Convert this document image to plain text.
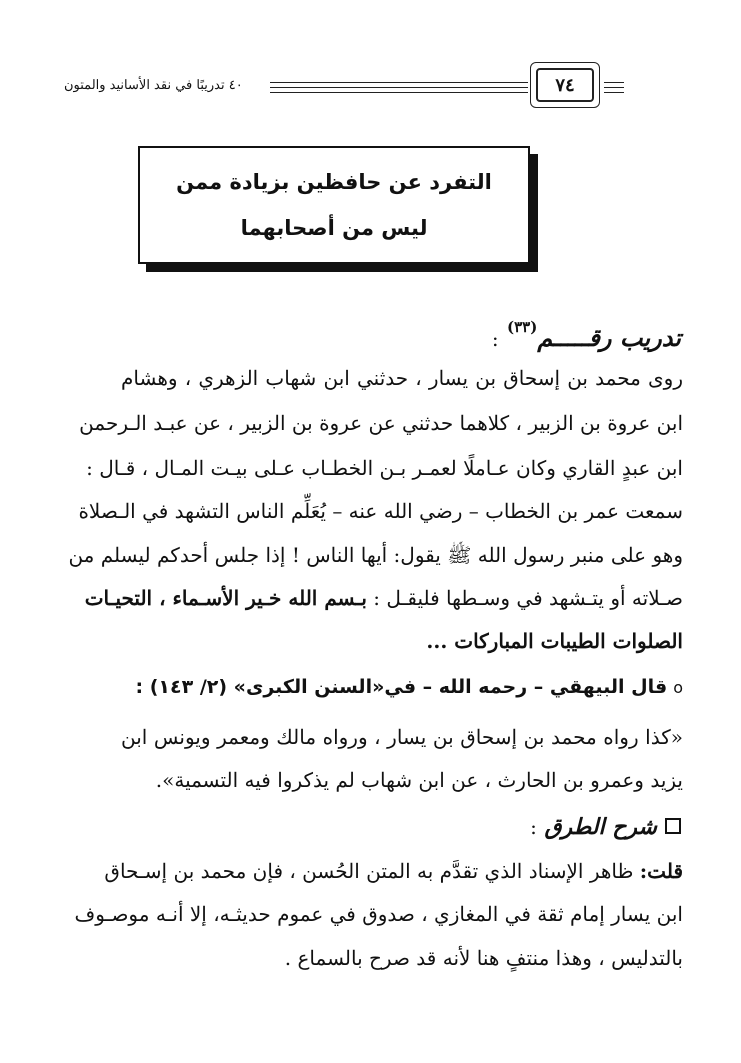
٤٠ تدريبًا في نقد الأسانيد والمتون	٧٤
التفرد عن حافظين بزيادة ممن
ليس من أصحابهما
تدريب رقـــــم$^{(٣٣)}$ :
روى محمد بن إسحاق بن يسار ، حدثني ابن شهاب الزهري ، وهشام
ابن عروة بن الزبير ، كلاهما حدثني عن عروة بن الزبير ، عن عبـد الـرحمن
ابن عبدٍ القاري وكان عـاملًا لعمـر بـن الخطـاب عـلى بيـت المـال ، قـال :
سمعت عمر بن الخطاب – رضي الله عنه – يُعَلِّم الناس التشهد في الـصلاة
وهو على منبر رسول الله ﷺ يقول: أيها الناس ! إذا جلس أحدكم ليسلم من
صـلاته أو يتـشهد في وسـطها فليقـل : بـسم الله خـير الأسـماء ، التحيـات
الصلوات الطيبات المباركات ...
oقال البيهقي – رحمه الله – في«السنن الكبرى» (٢/ ١٤٣) :
«كذا رواه محمد بن إسحاق بن يسار ، ورواه مالك ومعمر ويونس ابن
يزيد وعمرو بن الحارث ، عن ابن شهاب لم يذكروا فيه التسمية».
شرح الطرق :
قلت: ظاهر الإسناد الذي تقدَّم به المتن الحُسن ، فإن محمد بن إسـحاق
ابن يسار إمام ثقة في المغازي ، صدوق في عموم حديثـه، إلا أنـه موصـوف
بالتدليس ، وهذا منتفٍ هنا لأنه قد صرح بالسماع .
